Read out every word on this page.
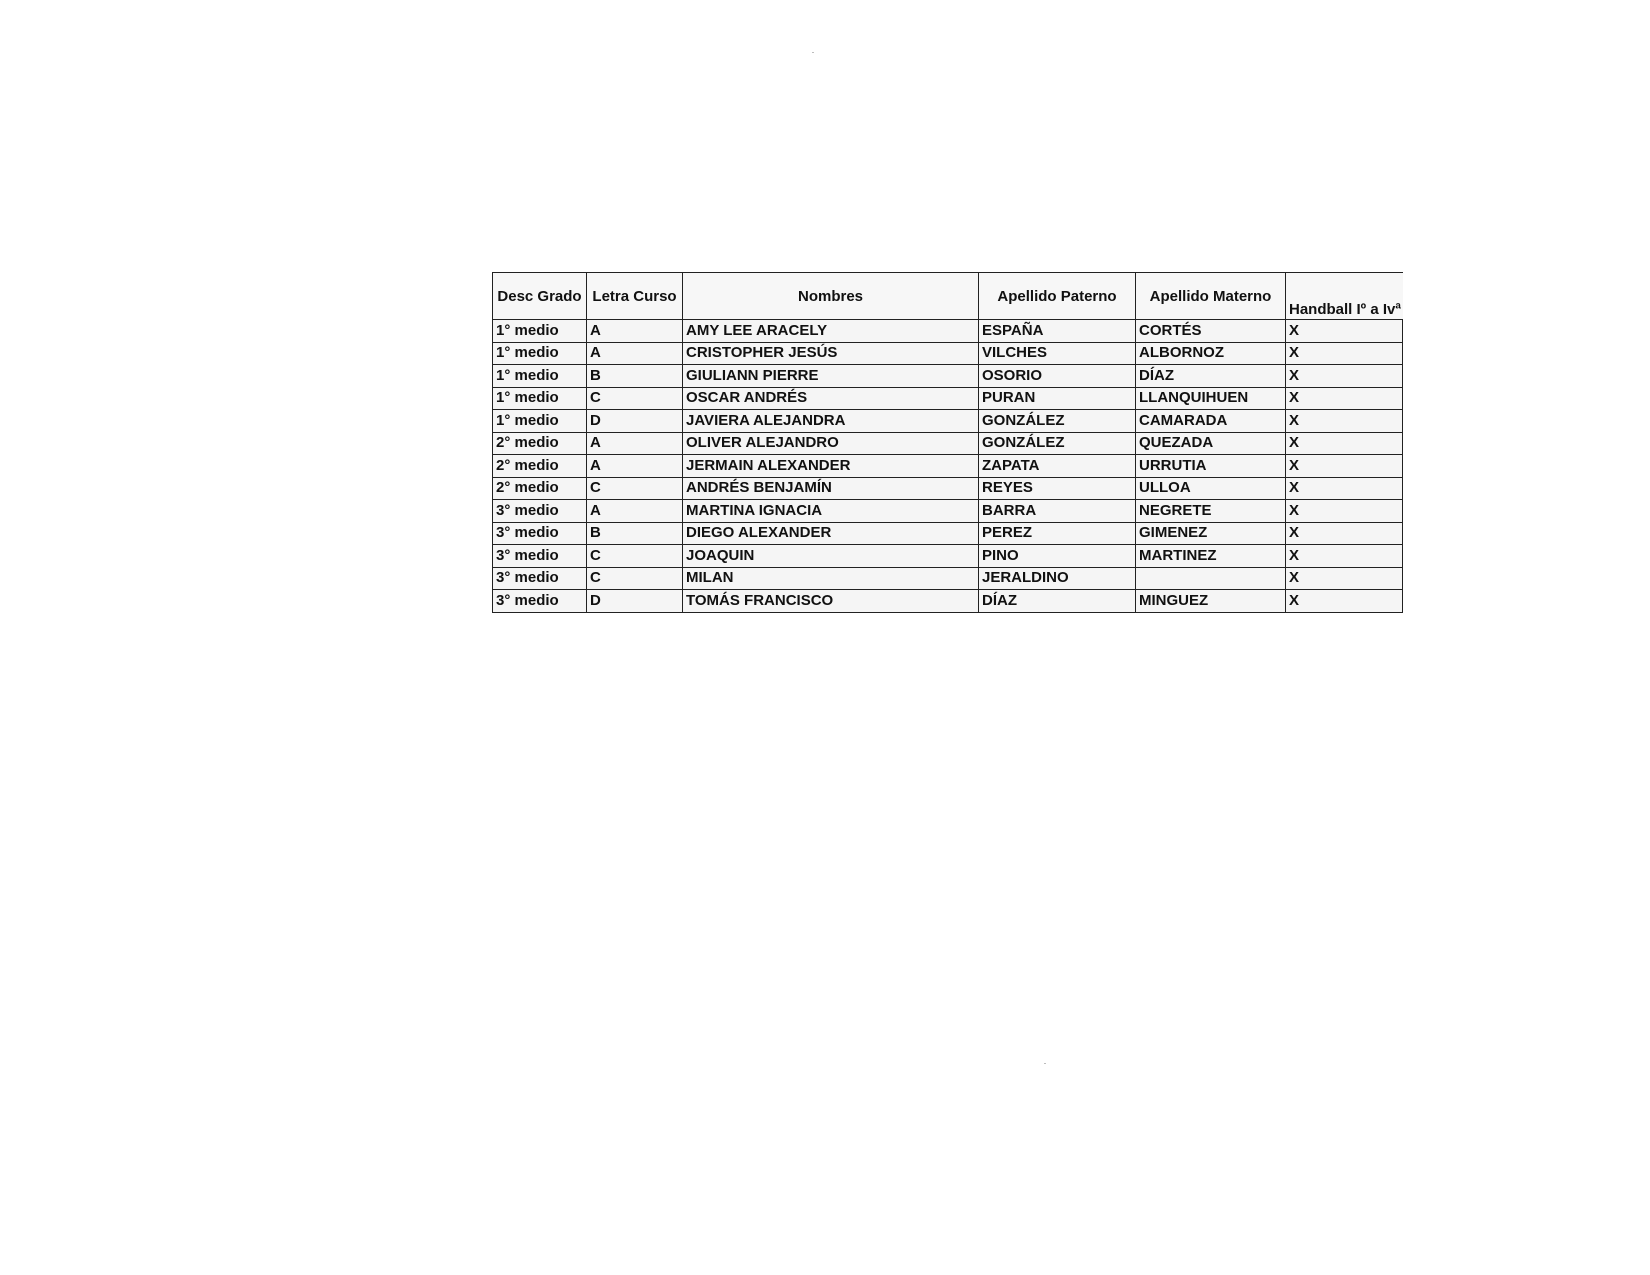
Desc Grado	Letra Curso	Nombres	Apellido Paterno	Apellido Materno	Handball Iº a Ivª
1° medio	A	AMY LEE ARACELY	ESPAÑA	CORTÉS	X
1° medio	A	CRISTOPHER JESÚS	VILCHES	ALBORNOZ	X
1° medio	B	GIULIANN PIERRE	OSORIO	DÍAZ	X
1° medio	C	OSCAR ANDRÉS	PURAN	LLANQUIHUEN	X
1° medio	D	JAVIERA ALEJANDRA	GONZÁLEZ	CAMARADA	X
2° medio	A	OLIVER ALEJANDRO	GONZÁLEZ	QUEZADA	X
2° medio	A	JERMAIN ALEXANDER	ZAPATA	URRUTIA	X
2° medio	C	ANDRÉS BENJAMÍN	REYES	ULLOA	X
3° medio	A	MARTINA IGNACIA	BARRA	NEGRETE	X
3° medio	B	DIEGO ALEXANDER	PEREZ	GIMENEZ	X
3° medio	C	JOAQUIN	PINO	MARTINEZ	X
3° medio	C	MILAN	JERALDINO		X
3° medio	D	TOMÁS FRANCISCO	DÍAZ	MINGUEZ	X
